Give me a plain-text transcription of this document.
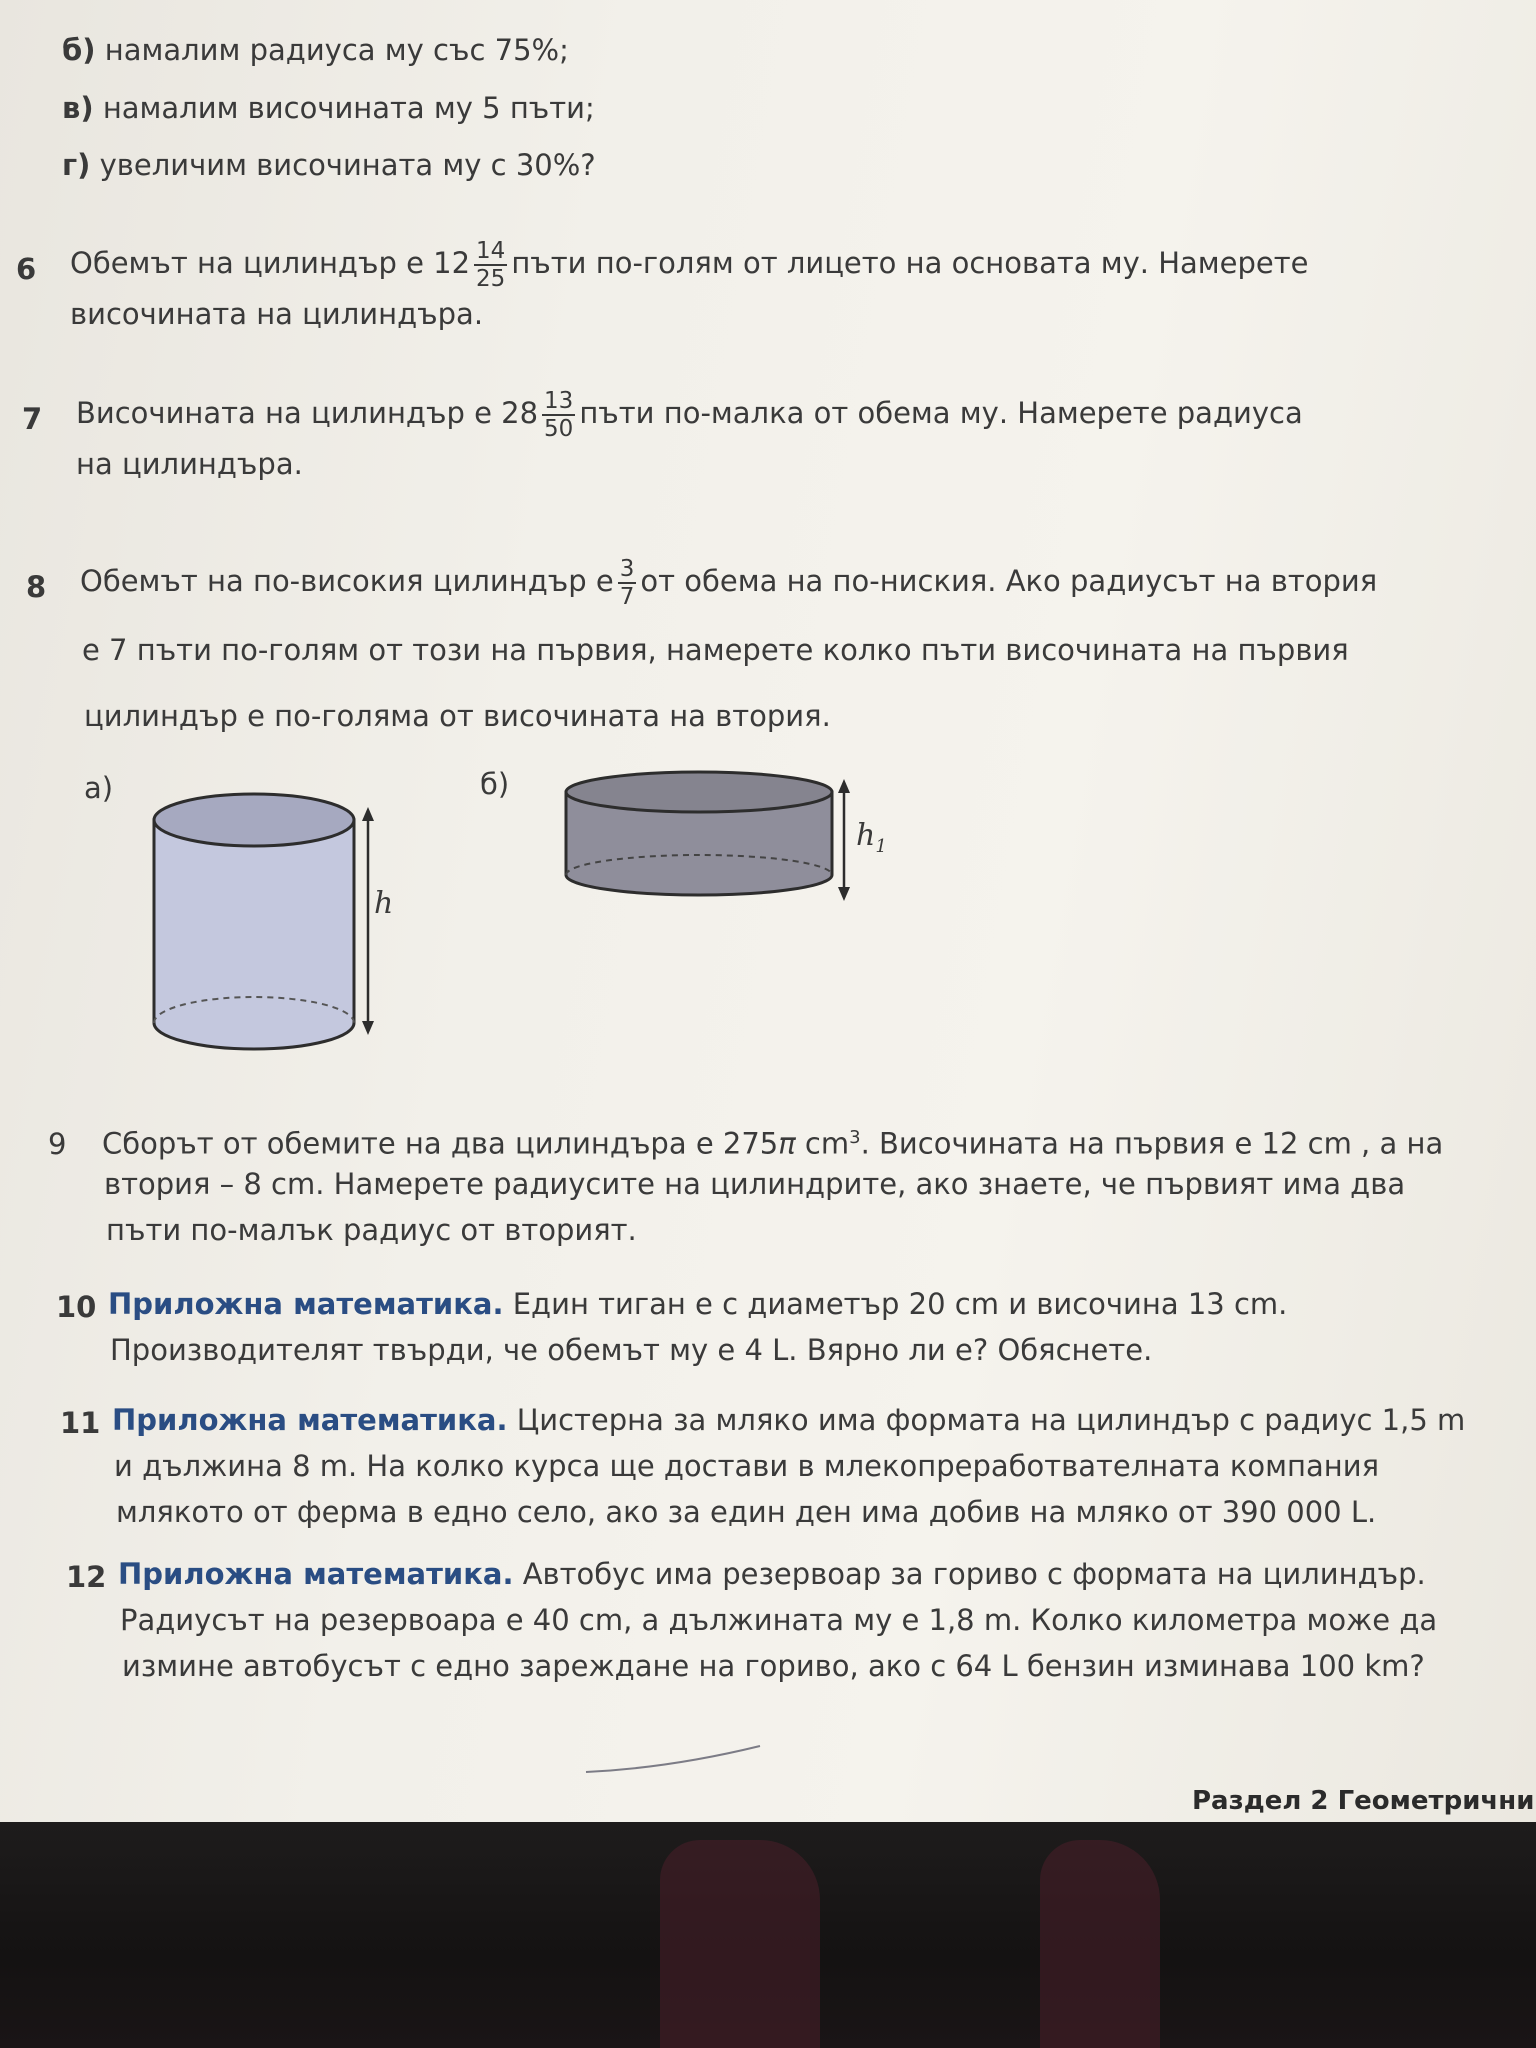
б) намалим радиуса му със 75%;
в) намалим височината му 5 пъти;
г) увеличим височината му с 30%?
6 Обемът на цилиндър е $12 \frac{14}{25}$ пъти по-голям от лицето на основата му. Намерете
височината на цилиндъра.
7 Височината на цилиндър е $28 \frac{13}{50}$ пъти по-малка от обема му. Намерете радиуса
на цилиндъра.
8 Обемът на по-високия цилиндър е $\frac{3}{7}$ от обема на по-ниския. Ако радиусът на втория
е 7 пъти по-голям от този на първия, намерете колко пъти височината на първия
цилиндър е по-голяма от височината на втория.
а)	б)
h
$h_1$
9 Сборът от обемите на два цилиндъра е 275π $cm^3$. Височината на първия е 12 cm , а на
втория – 8 cm. Намерете радиусите на цилиндрите, ако знаете, че първият има два
пъти по-малък радиус от вторият.
10 Приложна математика. Един тиган е с диаметър 20 cm и височина 13 cm.
Производителят твърди, че обемът му е 4 L. Вярно ли е? Обяснете.
11 Приложна математика. Цистерна за мляко има формата на цилиндър с радиус 1,5 m
и дължина 8 m. На колко курса ще достави в млекопреработвателната компания
млякото от ферма в едно село, ако за един ден има добив на мляко от 390 000 L.
12 Приложна математика. Автобус има резервоар за гориво с формата на цилиндър.
Радиусът на резервоара е 40 cm, а дължината му е 1,8 m. Колко километра може да
измине автобусът с едно зареждане на гориво, ако с 64 L бензин изминава 100 km?
Раздел 2 Геометрични
